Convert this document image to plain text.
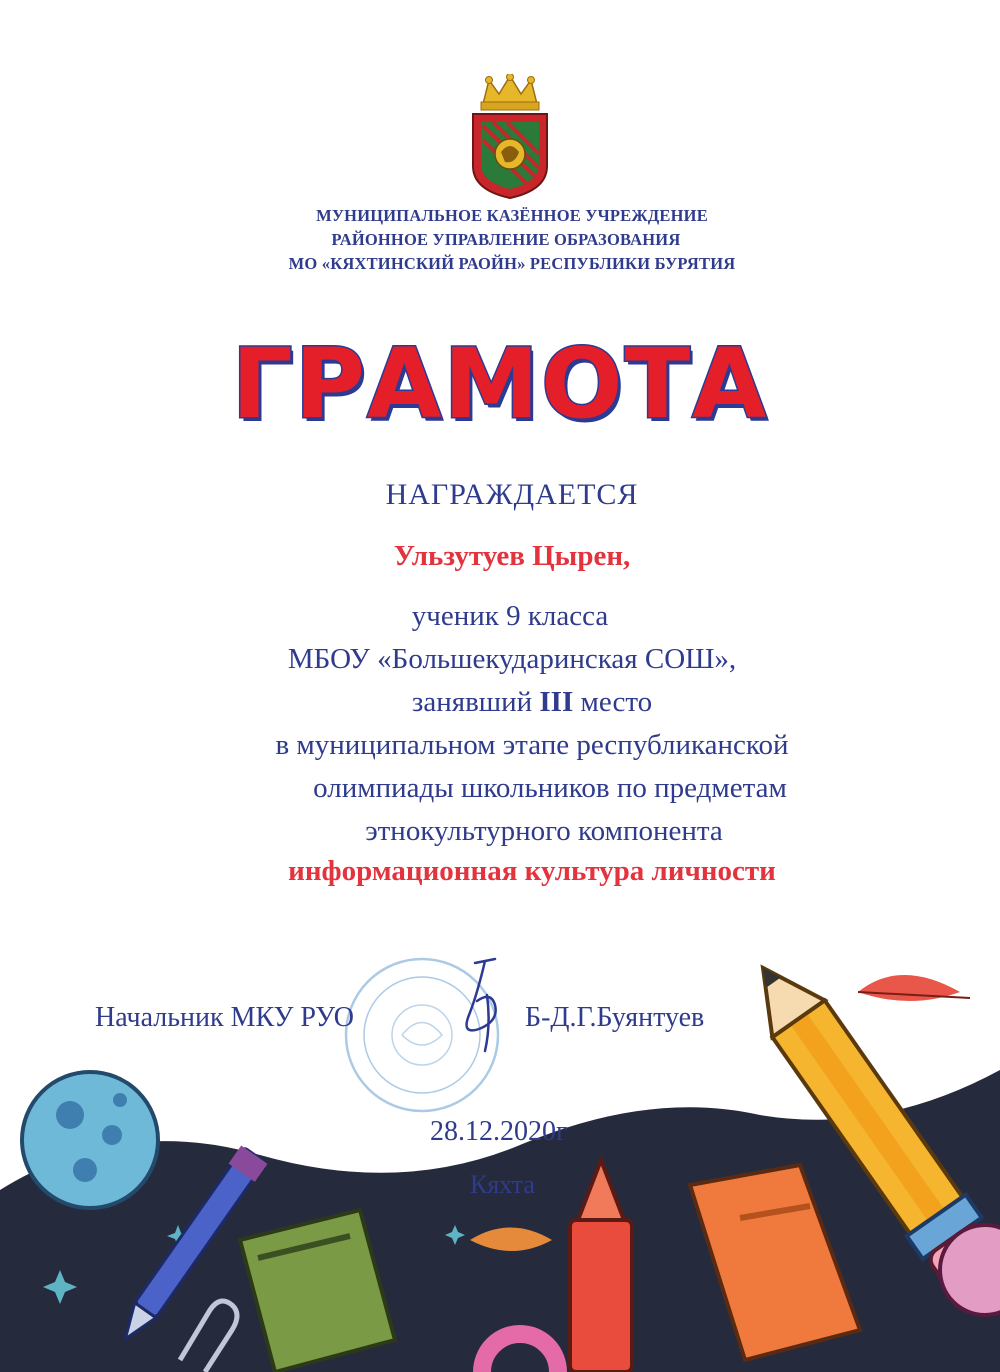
МУНИЦИПАЛЬНОЕ КАЗЁННОЕ УЧРЕЖДЕНИЕ
РАЙОННОЕ УПРАВЛЕНИЕ ОБРАЗОВАНИЯ
МО «КЯХТИНСКИЙ РАОЙН» РЕСПУБЛИКИ БУРЯТИЯ
ГРАМОТА
НАГРАЖДАЕТСЯ
Ульзутуев Цырен,
ученик 9 класса
МБОУ «Большекударинская СОШ»,
занявший III место
в муниципальном этапе республиканской
олимпиады школьников по предметам
этнокультурного компонента
информационная культура личности
Начальник МКУ РУО	Б-Д.Г.Буянтуев
28.12.2020г
Кяхта
